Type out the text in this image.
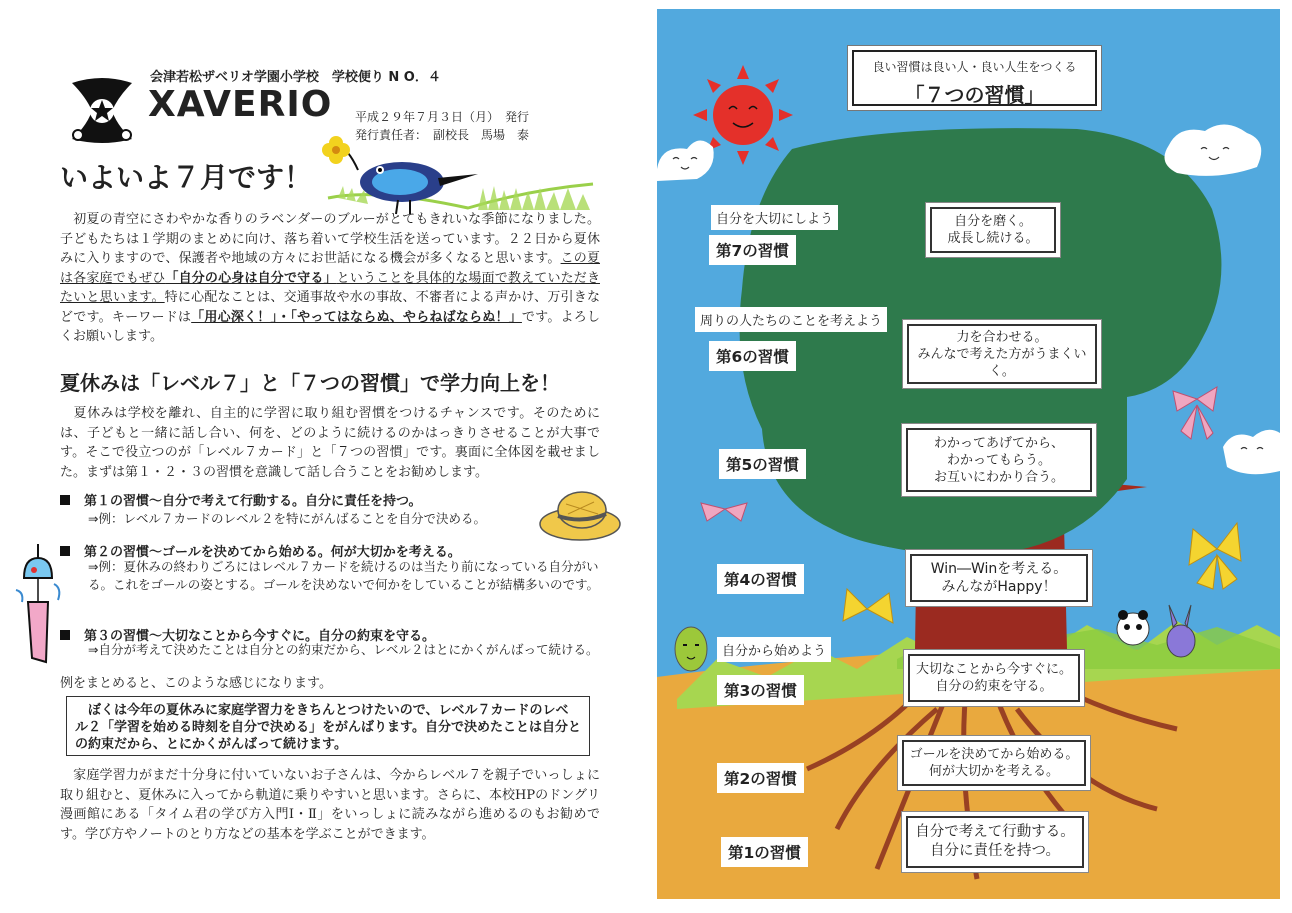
会津若松ザベリオ学園小学校　学校便り N O．４
XAVERIO 平成２９年７月３日（月）　発行
発行責任者：　副校長　馬場　泰
いよいよ７月です！
　初夏の青空にさわやかな香りのラベンダーのブルーがとてもきれいな季節になりました。子どもたちは１学期のまとめに向け、落ち着いて学校生活を送っています。２２日から夏休みに入りますので、保護者や地域の方々にお世話になる機会が多くなると思います。この夏は各家庭でもぜひ「自分の心身は自分で守る」ということを具体的な場面で教えていただきたいと思います。特に心配なことは、交通事故や水の事故、不審者による声かけ、万引きなどです。キーワードは「用心深く！」・「やってはならぬ、やらねばならぬ！」です。よろしくお願いします。
夏休みは「レベル７」と「７つの習慣」で学力向上を！
　夏休みは学校を離れ、自主的に学習に取り組む習慣をつけるチャンスです。そのためには、子どもと一緒に話し合い、何を、どのように続けるのかはっきりさせることが大事です。そこで役立つのが「レベル７カード」と「７つの習慣」です。裏面に全体図を載せました。まずは第１・２・３の習慣を意識して話し合うことをお勧めします。
第１の習慣～自分で考えて行動する。自分に責任を持つ。
⇒例：レベル７カードのレベル２を特にがんばることを自分で決める。
第２の習慣～ゴールを決めてから始める。何が大切かを考える。
⇒例：夏休みの終わりごろにはレベル７カードを続けるのは当たり前になっている自分がいる。これをゴールの姿とする。ゴールを決めないで何かをしていることが結構多いのです。
第３の習慣～大切なことから今すぐに。自分の約束を守る。
⇒自分が考えて決めたことは自分との約束だから、レベル２はとにかくがんばって続ける。
例をまとめると、このような感じになります。
　ぼくは今年の夏休みに家庭学習力をきちんとつけたいので、レベル７カードのレベル２「学習を始める時刻を自分で決める」をがんばります。自分で決めたことは自分との約束だから、とにかくがんばって続けます。
　家庭学習力がまだ十分身に付いていないお子さんは、今からレベル７を親子でいっしょに取り組むと、夏休みに入ってから軌道に乗りやすいと思います。さらに、本校HPのドングリ漫画館にある「タイム君の学び方入門Ⅰ・Ⅱ」をいっしょに読みながら進めるのもお勧めです。学び方やノートのとり方などの基本を学ぶことができます。
良い習慣は良い人・良い人生をつくる
「７つの習慣」
自分を大切にしよう
周りの人たちのことを考えよう
自分から始めよう
第7の習慣
第6の習慣
第5の習慣
第4の習慣
第3の習慣
第2の習慣
第1の習慣
自分を磨く。
成長し続ける。
力を合わせる。
みんなで考えた方がうまくいく。
わかってあげてから、
わかってもらう。
お互いにわかり合う。
Win―Winを考える。
みんながHappy！
大切なことから今すぐに。
自分の約束を守る。
ゴールを決めてから始める。
何が大切かを考える。
自分で考えて行動する。
自分に責任を持つ。
